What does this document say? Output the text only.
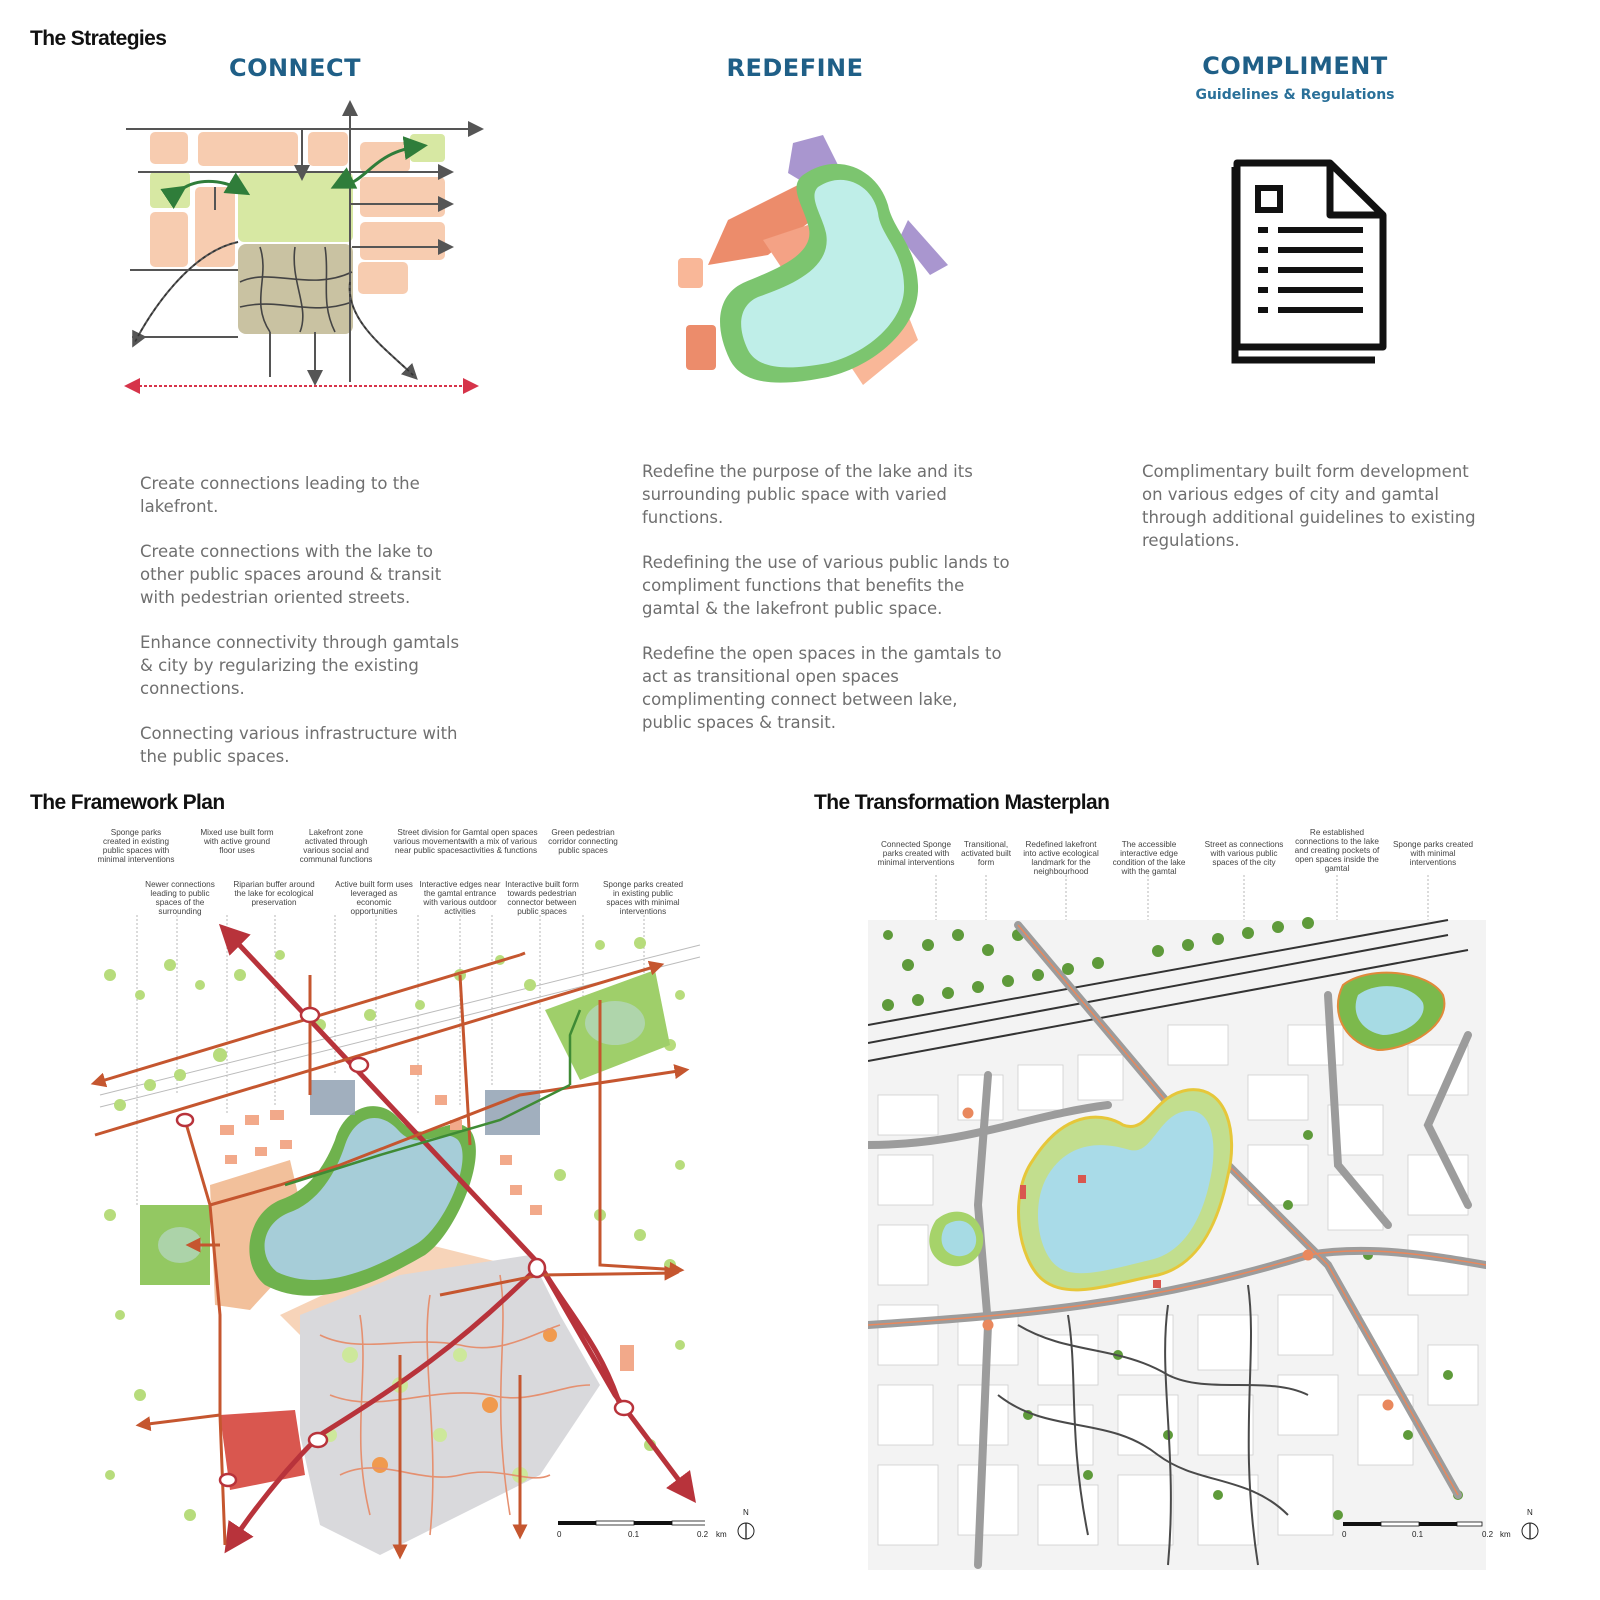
The Strategies
CONNECT	REDEFINE	COMPLIMENT
Guidelines & Regulations

Create connections leading to the lakefront.

Create connections with the lake to other public spaces around & transit with pedestrian oriented streets.

Enhance connectivity through gamtals & city by regularizing the existing connections.

Connecting various infrastructure with the public spaces.

Redefine the purpose of the lake and its surrounding public space with varied functions.

Redefining the use of various public lands to compliment functions that benefits the gamtal & the lakefront public space.

Redefine the open spaces in the gamtals to act as transitional open spaces complimenting connect between lake, public spaces & transit.

Complimentary built form development on various edges of city and gamtal through additional guidelines to existing regulations.

The Framework Plan
Sponge parks created in existing public spaces with minimal interventions
Mixed use built form with active ground floor uses
Lakefront zone activated through various social and communal functions
Street division for various movements near public spaces
Gamtal open spaces with a mix of various activities & functions
Green pedestrian corridor connecting public spaces
Newer connections leading to public spaces of the surrounding
Riparian buffer around the lake for ecological preservation
Active built form uses leveraged as economic opportunities
Interactive edges near the gamtal entrance with various outdoor activities
Interactive built form towards pedestrian connector between public spaces
Sponge parks created in existing public spaces with minimal interventions
0	0.1	0.2 km
N
The Transformation Masterplan
Connected Sponge parks created with minimal interventions
Transitional, activated built form
Redefined lakefront into active ecological landmark for the neighbourhood
The accessible interactive edge condition of the lake with the gamtal
Street as connections with various public spaces of the city
Re established connections to the lake and creating pockets of open spaces inside the gamtal
Sponge parks created with minimal interventions
0	0.1	0.2 km
N
